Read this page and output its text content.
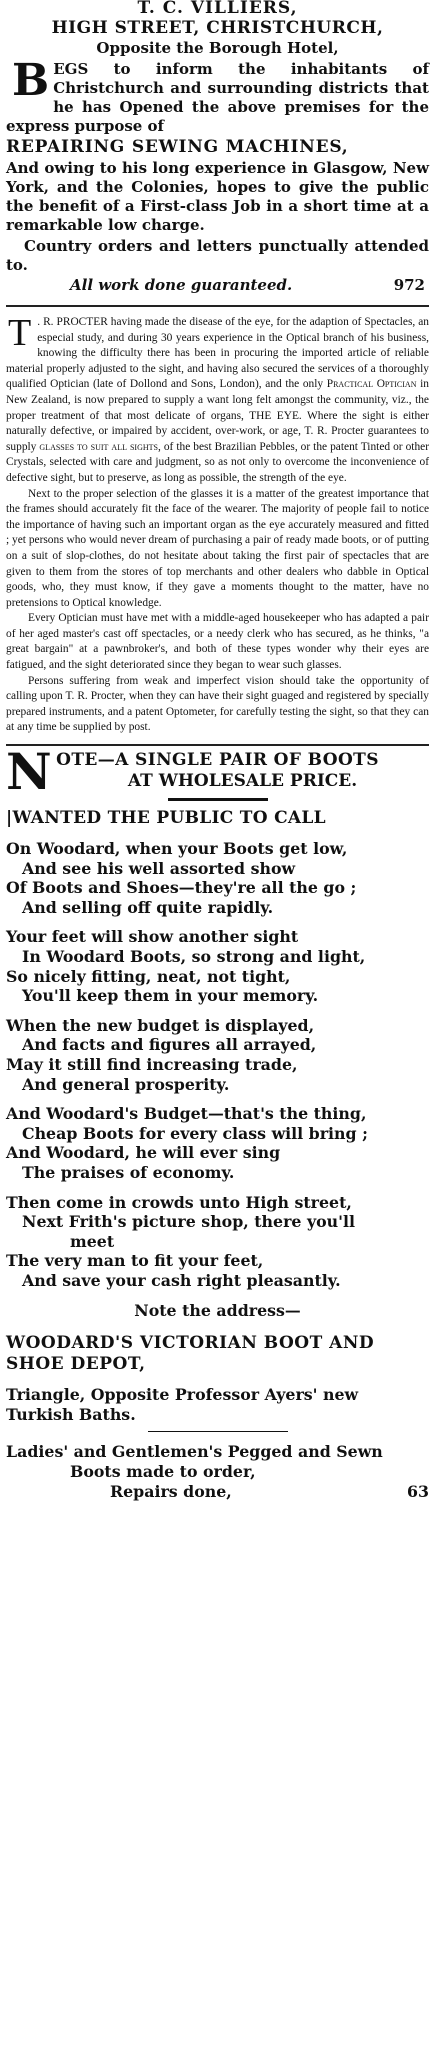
T. C. VILLIERS,
HIGH STREET, CHRISTCHURCH,
Opposite the Borough Hotel,
B EGS to inform the inhabitants of Christchurch and surrounding districts that he has Opened the above premises for the express purpose of
REPAIRING SEWING MACHINES,
And owing to his long experience in Glasgow, New York, and the Colonies, hopes to give the public the benefit of a First-class Job in a short time at a remarkable low charge.
Country orders and letters punctually attended to.
All work done guaranteed.	972

T . R. PROCTER having made the disease of the eye, for the adaption of Spectacles, an especial study, and during 30 years experience in the Optical branch of his business, knowing the difficulty there has been in procuring the imported article of reliable material properly adjusted to the sight, and having also secured the services of a thoroughly qualified Optician (late of Dollond and Sons, London), and the only Practical Optician in New Zealand, is now prepared to supply a want long felt amongst the community, viz., the proper treatment of that most delicate of organs, THE EYE. Where the sight is either naturally defective, or impaired by accident, over-work, or age, T. R. Procter guarantees to supply glasses to suit all sights, of the best Brazilian Pebbles, or the patent Tinted or other Crystals, selected with care and judgment, so as not only to overcome the inconvenience of defective sight, but to preserve, as long as possible, the strength of the eye.

Next to the proper selection of the glasses it is a matter of the greatest importance that the frames should accurately fit the face of the wearer. The majority of people fail to notice the importance of having such an important organ as the eye accurately measured and fitted ; yet persons who would never dream of purchasing a pair of ready made boots, or of putting on a suit of slop-clothes, do not hesitate about taking the first pair of spectacles that are given to them from the stores of top merchants and other dealers who dabble in Optical goods, who, they must know, if they gave a moments thought to the matter, have no pretensions to Optical knowledge.

Every Optician must have met with a middle-aged housekeeper who has adapted a pair of her aged master's cast off spectacles, or a needy clerk who has secured, as he thinks, "a great bargain" at a pawnbroker's, and both of these types wonder why their eyes are fatigued, and the sight deteriorated since they began to wear such glasses.

Persons suffering from weak and imperfect vision should take the opportunity of calling upon T. R. Procter, when they can have their sight guaged and registered by specially prepared instruments, and a patent Optometer, for carefully testing the sight, so that they can at any time be supplied by post.

N OTE—A SINGLE PAIR OF BOOTS
AT WHOLESALE PRICE.
|WANTED THE PUBLIC TO CALL
On Woodard, when your Boots get low,
And see his well assorted show
Of Boots and Shoes—they're all the go ;
And selling off quite rapidly.
Your feet will show another sight
In Woodard Boots, so strong and light,
So nicely fitting, neat, not tight,
You'll keep them in your memory.
When the new budget is displayed,
And facts and figures all arrayed,
May it still find increasing trade,
And general prosperity.
And Woodard's Budget—that's the thing,
Cheap Boots for every class will bring ;
And Woodard, he will ever sing
The praises of economy.
Then come in crowds unto High street,
Next Frith's picture shop, there you'll
meet
The very man to fit your feet,
And save your cash right pleasantly.
Note the address—
WOODARD'S VICTORIAN BOOT AND SHOE DEPOT,
Triangle, Opposite Professor Ayers' new Turkish Baths.
Ladies' and Gentlemen's Pegged and Sewn
Boots made to order,
Repairs done,	63
